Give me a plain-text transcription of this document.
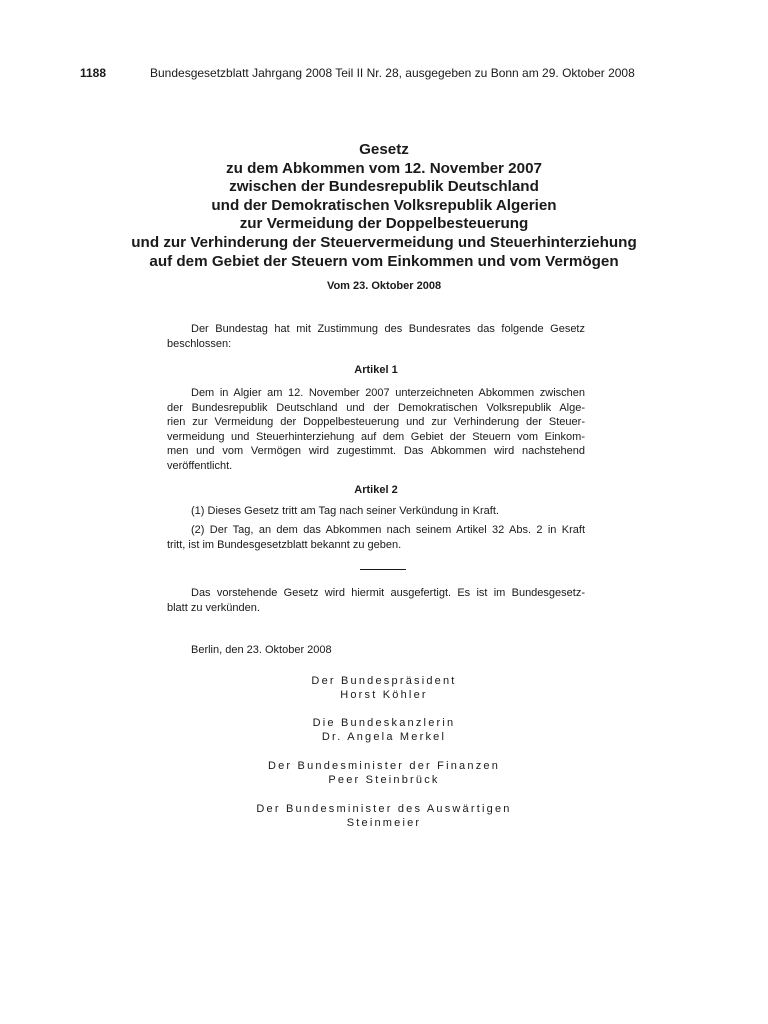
1188	Bundesgesetzblatt Jahrgang 2008 Teil II Nr. 28, ausgegeben zu Bonn am 29. Oktober 2008
Gesetz
zu dem Abkommen vom 12. November 2007
zwischen der Bundesrepublik Deutschland
und der Demokratischen Volksrepublik Algerien
zur Vermeidung der Doppelbesteuerung
und zur Verhinderung der Steuervermeidung und Steuerhinterziehung
auf dem Gebiet der Steuern vom Einkommen und vom Vermögen
Vom 23. Oktober 2008

Der Bundestag hat mit Zustimmung des Bundesrates das folgende Gesetz
beschlossen:

Artikel 1

Dem in Algier am 12. November 2007 unterzeichneten Abkommen zwischen
der Bundesrepublik Deutschland und der Demokratischen Volksrepublik Alge-
rien zur Vermeidung der Doppelbesteuerung und zur Verhinderung der Steuer-
vermeidung und Steuerhinterziehung auf dem Gebiet der Steuern vom Einkom-
men und vom Vermögen wird zugestimmt. Das Abkommen wird nachstehend
veröffentlicht.

Artikel 2

(1) Dieses Gesetz tritt am Tag nach seiner Verkündung in Kraft.

(2) Der Tag, an dem das Abkommen nach seinem Artikel 32 Abs. 2 in Kraft
tritt, ist im Bundesgesetzblatt bekannt zu geben.

Das vorstehende Gesetz wird hiermit ausgefertigt. Es ist im Bundesgesetz-
blatt zu verkünden.

Berlin, den 23. Oktober 2008
Der Bundespräsident
Horst Köhler
Die Bundeskanzlerin
Dr. Angela Merkel
Der Bundesminister der Finanzen
Peer Steinbrück
Der Bundesminister des Auswärtigen
Steinmeier
